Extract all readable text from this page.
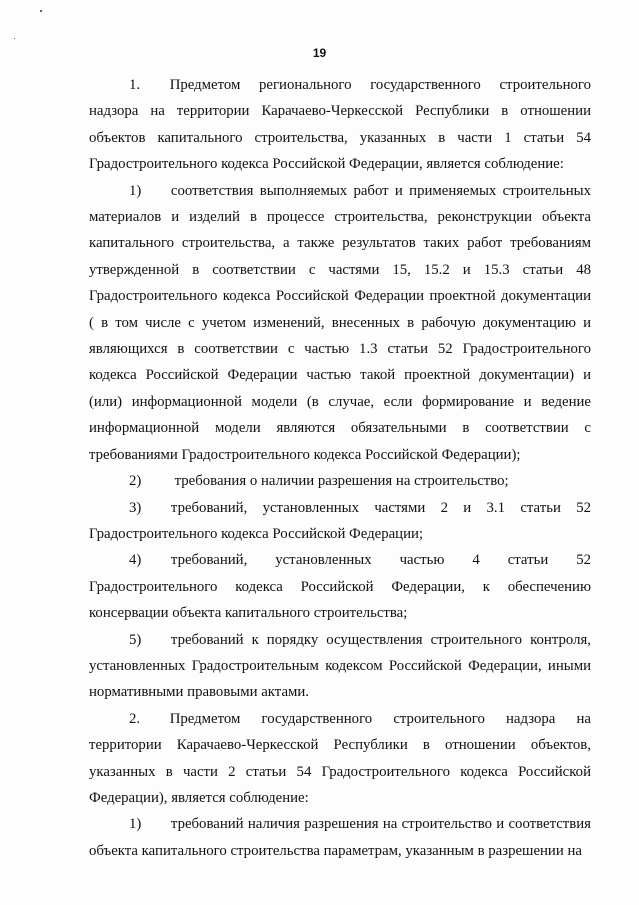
19
1.  Предметом регионального государственного строительного
надзора на территории Карачаево-Черкесской Республики в отношении
объектов капитального строительства, указанных в части 1 статьи 54
Градостроительного кодекса Российской Федерации, является соблюдение:
1)  соответствия выполняемых работ и применяемых строительных
материалов и изделий в процессе строительства, реконструкции объекта
капитального строительства, а также результатов таких работ требованиям
утвержденной в соответствии с частями 15, 15.2 и 15.3 статьи 48
Градостроительного кодекса Российской Федерации проектной документации
( в том числе с учетом изменений, внесенных в рабочую документацию и
являющихся в соответствии с частью 1.3 статьи 52 Градостроительного
кодекса Российской Федерации частью такой проектной документации) и
(или) информационной модели (в случае, если формирование и ведение
информационной модели являются обязательными в соответствии с
требованиями Градостроительного кодекса Российской Федерации);
2)   требования о наличии разрешения на строительство;
3)  требований, установленных частями 2 и 3.1 статьи 52
Градостроительного кодекса Российской Федерации;
4)  требований, установленных частью 4 статьи 52
Градостроительного кодекса Российской Федерации, к обеспечению
консервации объекта капитального строительства;
5)  требований к порядку осуществления строительного контроля,
установленных Градостроительным кодексом Российской Федерации, иными
нормативными правовыми актами.
2.  Предметом государственного строительного надзора на
территории Карачаево-Черкесской Республики в отношении объектов,
указанных в части 2 статьи 54 Градостроительного кодекса Российской
Федерации), является соблюдение:
1)  требований наличия разрешения на строительство и соответствия
объекта капитального строительства параметрам, указанным в разрешении на
